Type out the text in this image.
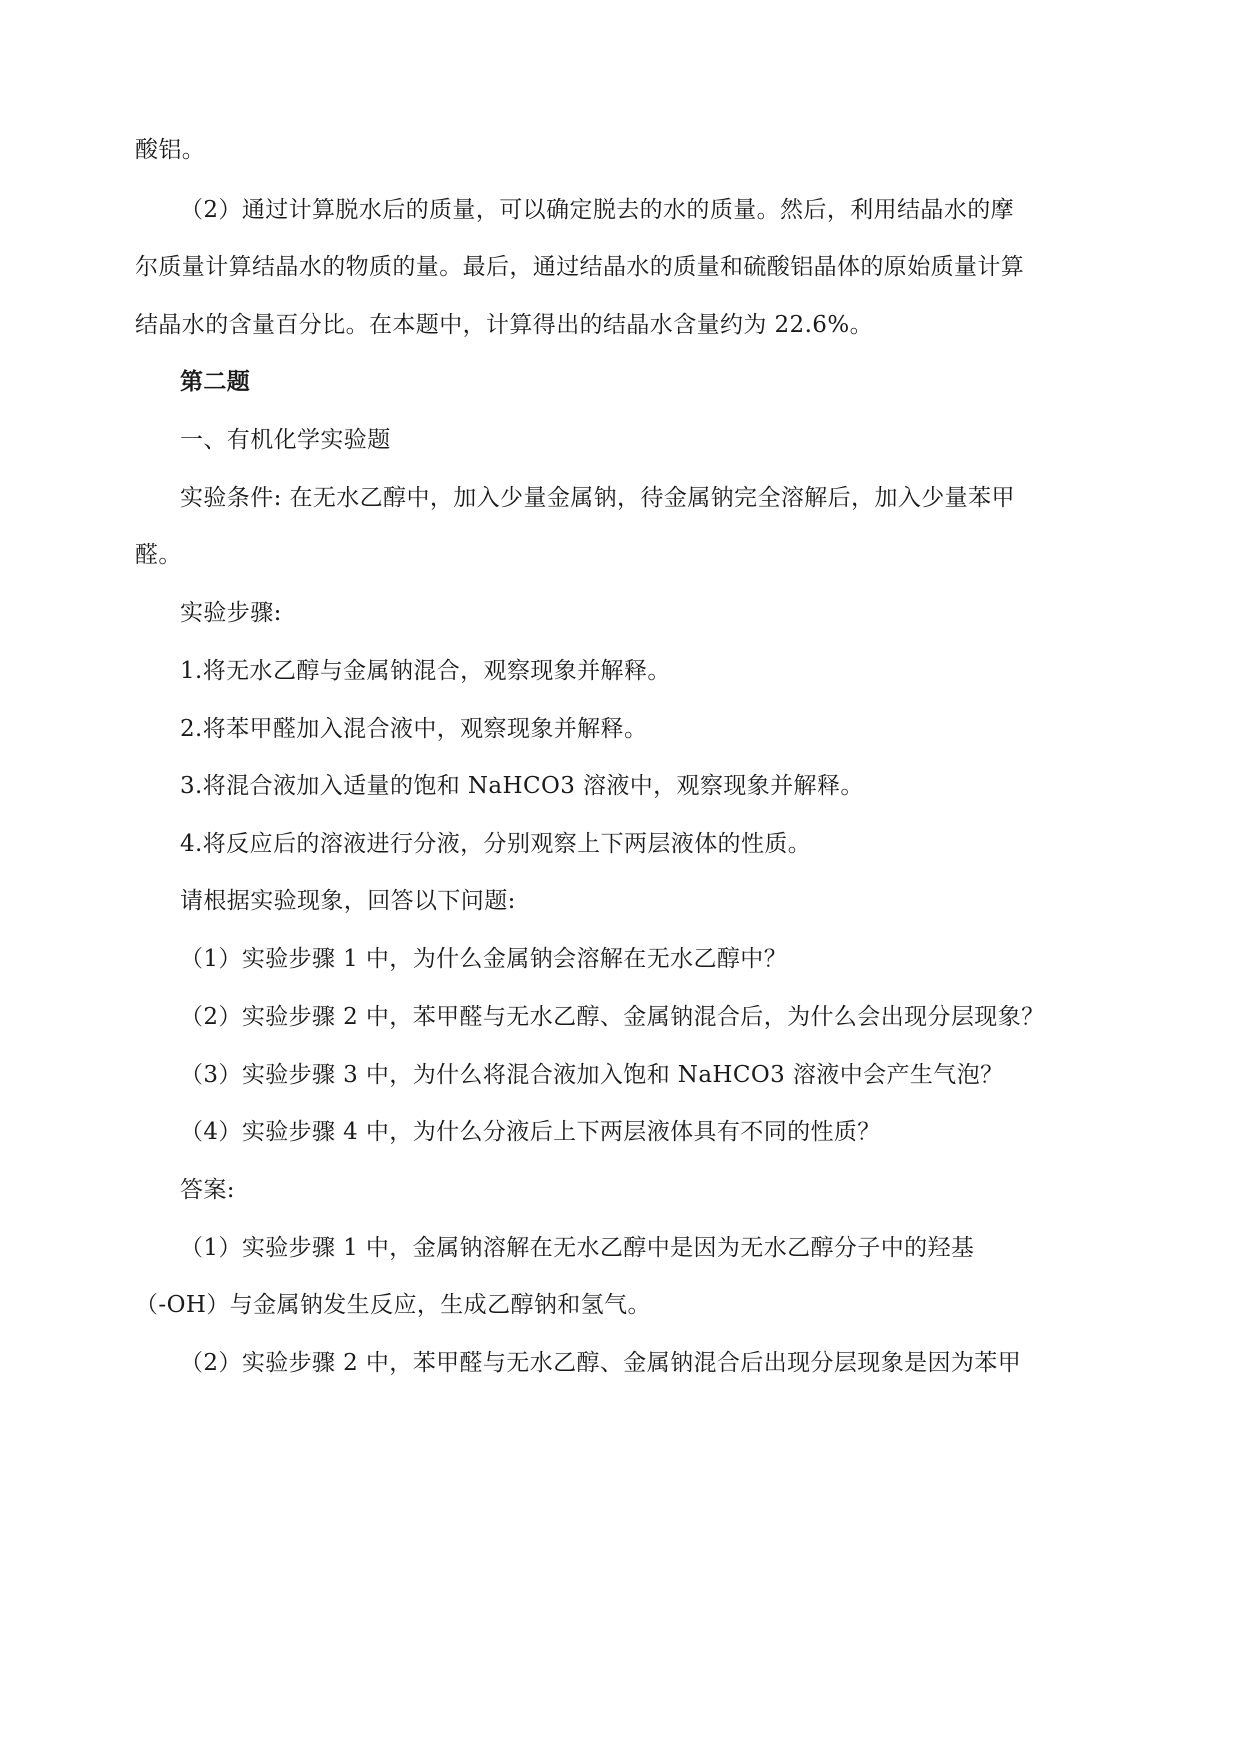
酸铝。
（2）通过计算脱水后的质量，可以确定脱去的水的质量。然后，利用结晶水的摩
尔质量计算结晶水的物质的量。最后，通过结晶水的质量和硫酸铝晶体的原始质量计算
结晶水的含量百分比。在本题中，计算得出的结晶水含量约为 22.6%。
第二题
一、有机化学实验题
实验条件: 在无水乙醇中，加入少量金属钠，待金属钠完全溶解后，加入少量苯甲
醛。
实验步骤:
1.将无水乙醇与金属钠混合，观察现象并解释。
2.将苯甲醛加入混合液中，观察现象并解释。
3.将混合液加入适量的饱和 NaHCO3 溶液中，观察现象并解释。
4.将反应后的溶液进行分液，分别观察上下两层液体的性质。
请根据实验现象，回答以下问题:
（1）实验步骤 1 中，为什么金属钠会溶解在无水乙醇中？
（2）实验步骤 2 中，苯甲醛与无水乙醇、金属钠混合后，为什么会出现分层现象？
（3）实验步骤 3 中，为什么将混合液加入饱和 NaHCO3 溶液中会产生气泡？
（4）实验步骤 4 中，为什么分液后上下两层液体具有不同的性质？
答案:
（1）实验步骤 1 中，金属钠溶解在无水乙醇中是因为无水乙醇分子中的羟基
（-OH）与金属钠发生反应，生成乙醇钠和氢气。
（2）实验步骤 2 中，苯甲醛与无水乙醇、金属钠混合后出现分层现象是因为苯甲
